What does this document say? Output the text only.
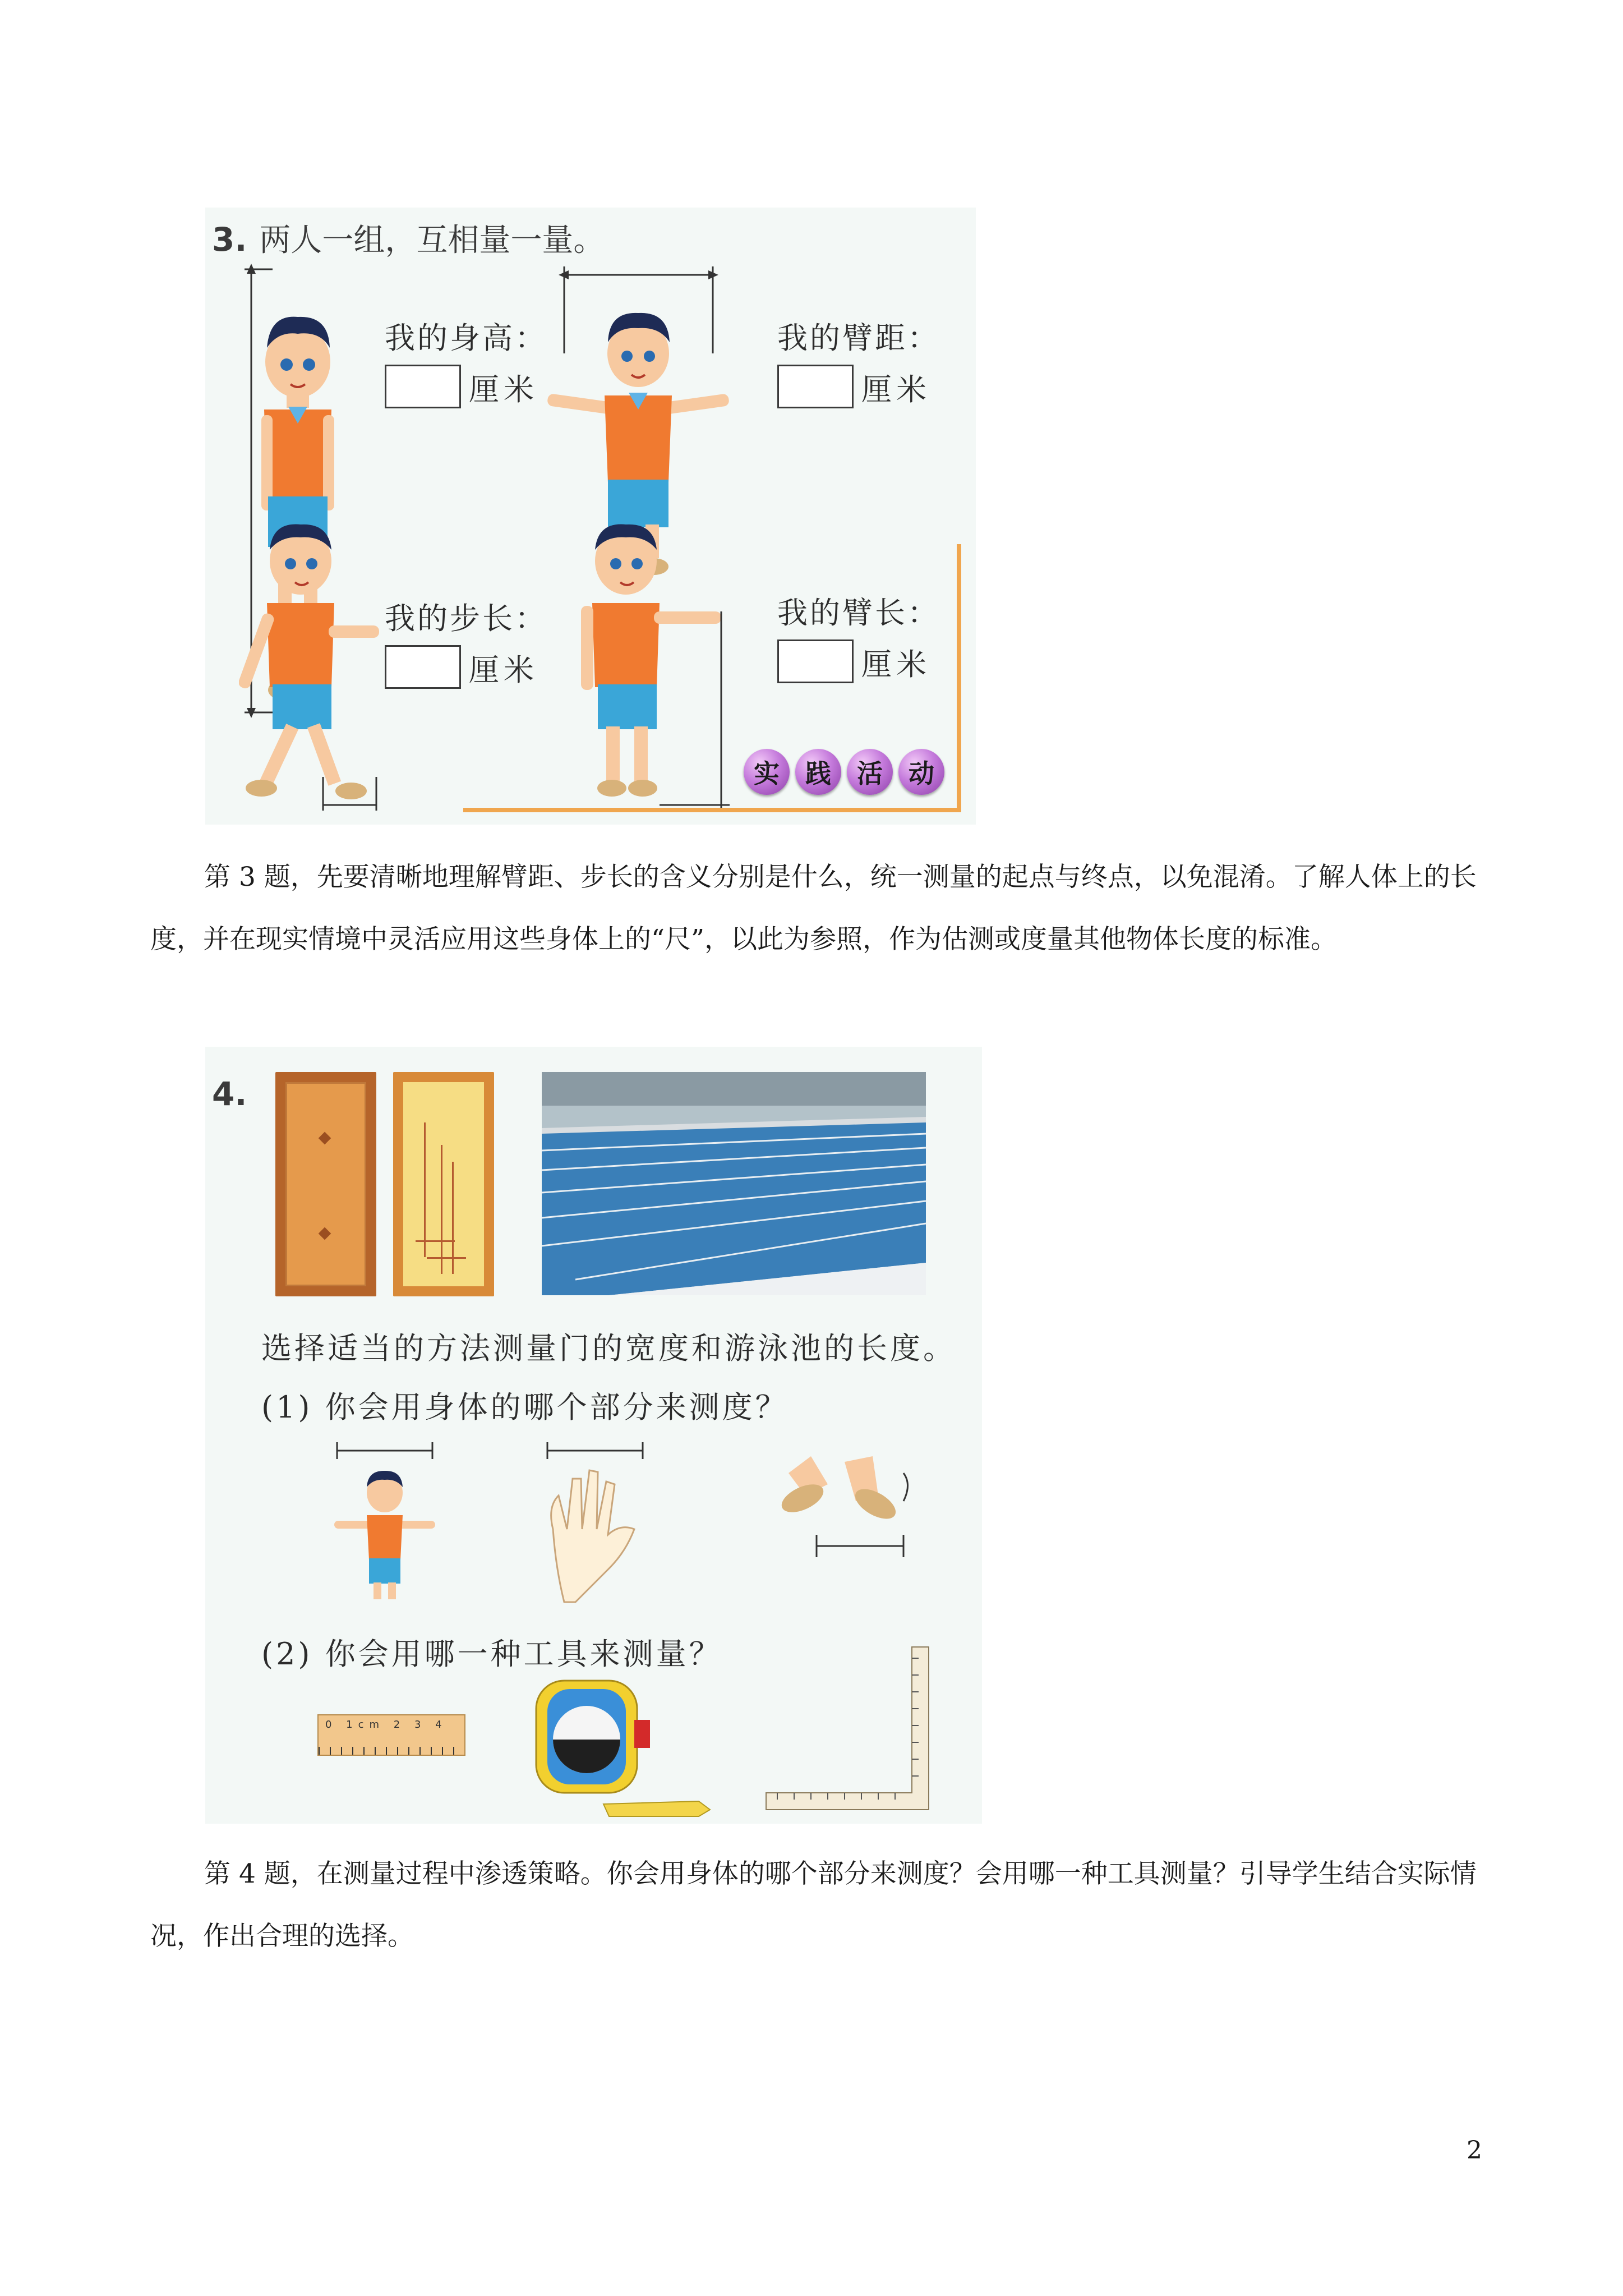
3. 两人一组，互相量一量。
我的身高：
厘米
我的臂距：
厘米
我的步长：
厘米
我的臂长：
厘米
实	践	活	动
第 3 题，先要清晰地理解臂距、步长的含义分别是什么，统一测量的起点与终点，以免混淆。了解人体上的长度，并在现实情境中灵活应用这些身体上的“尺”，以此为参照，作为估测或度量其他物体长度的标准。
4.
选择适当的方法测量门的宽度和游泳池的长度。
(1) 你会用身体的哪个部分来测度？
(2) 你会用哪一种工具来测量？
0 1cm 2 3 4
第 4 题，在测量过程中渗透策略。你会用身体的哪个部分来测度？会用哪一种工具测量？引导学生结合实际情况，作出合理的选择。
2
